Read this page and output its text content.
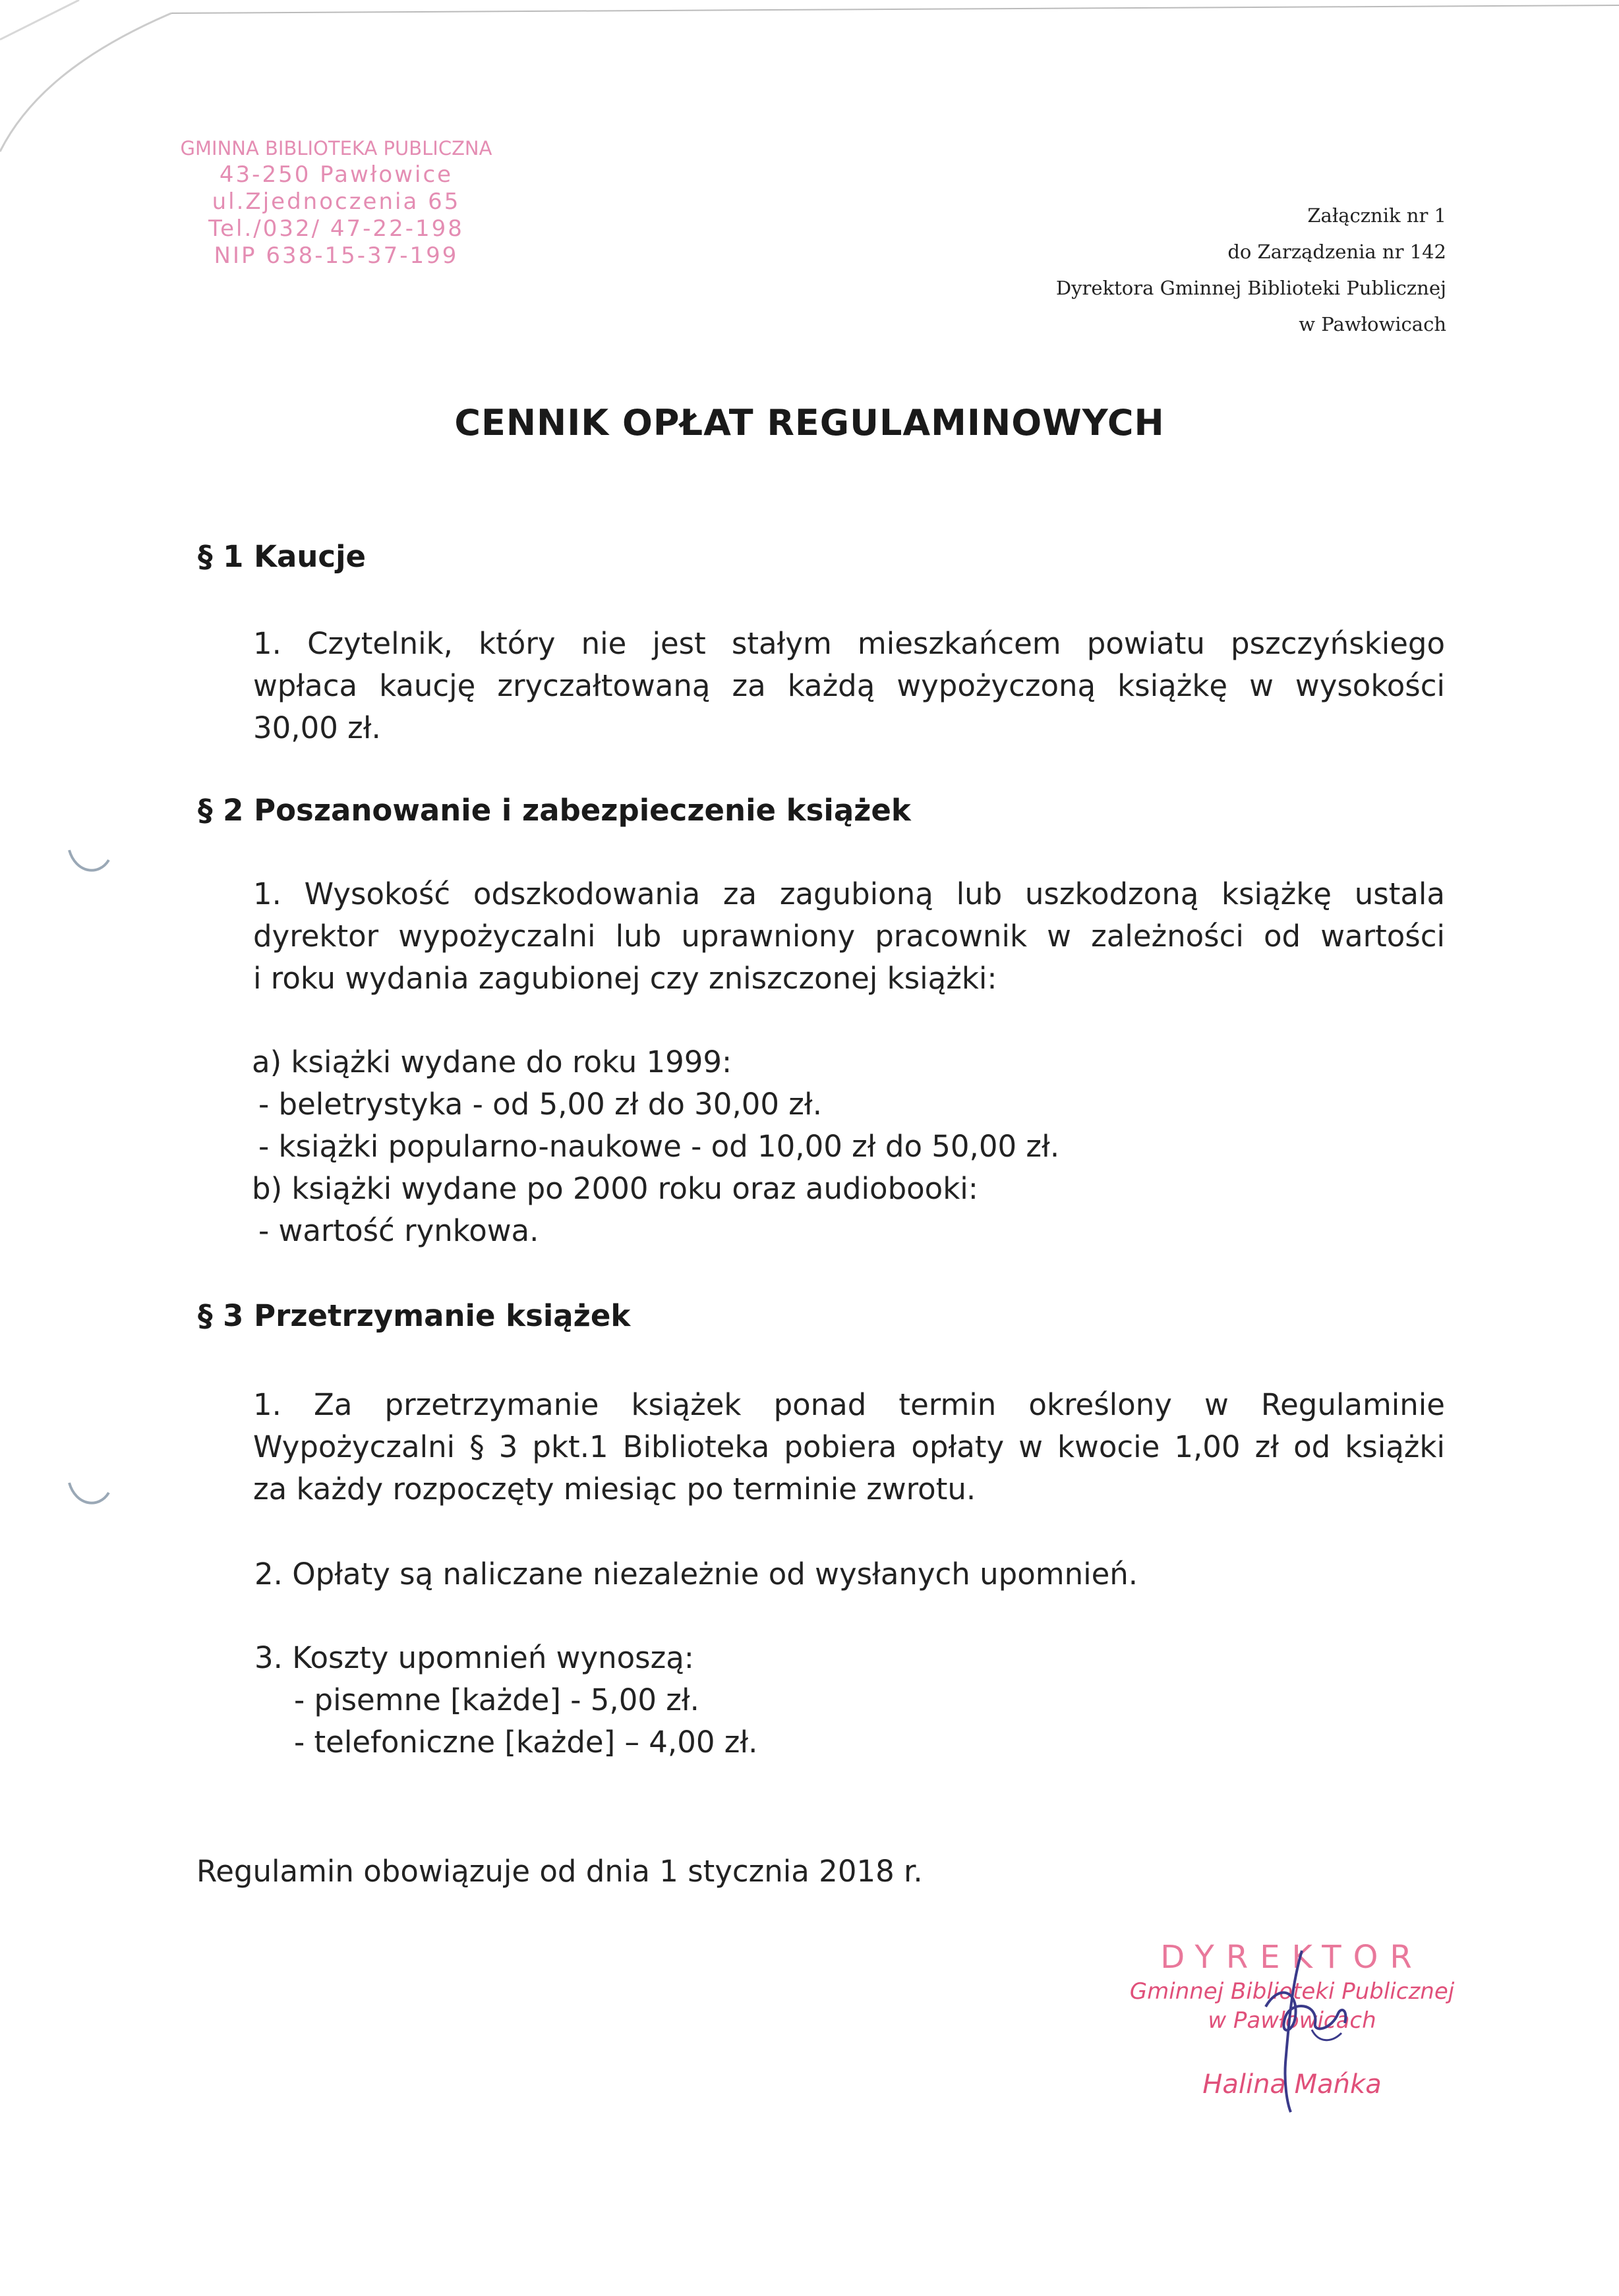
GMINNA BIBLIOTEKA PUBLICZNA
43-250 Pawłowice
ul.Zjednoczenia 65
Tel./032/ 47-22-198
NIP 638-15-37-199
Załącznik nr 1
do Zarządzenia nr 142
Dyrektora Gminnej Biblioteki Publicznej
w Pawłowicach
CENNIK OPŁAT REGULAMINOWYCH
§ 1 Kaucje
1. Czytelnik, który nie jest stałym mieszkańcem powiatu pszczyńskiego
wpłaca kaucję zryczałtowaną za każdą wypożyczoną książkę w wysokości
30,00 zł.
§ 2 Poszanowanie i zabezpieczenie książek
1. Wysokość odszkodowania za zagubioną lub uszkodzoną książkę ustala
dyrektor wypożyczalni lub uprawniony pracownik w zależności od wartości
i roku wydania zagubionej czy zniszczonej książki:
a) książki wydane do roku 1999:
- beletrystyka - od 5,00 zł do 30,00 zł.
- książki popularno-naukowe - od 10,00 zł do 50,00 zł.
b) książki wydane po 2000 roku oraz audiobooki:
- wartość rynkowa.
§ 3 Przetrzymanie książek
1. Za przetrzymanie książek ponad termin określony w Regulaminie
Wypożyczalni § 3 pkt.1 Biblioteka pobiera opłaty w kwocie 1,00 zł od książki
za każdy rozpoczęty miesiąc po terminie zwrotu.
2. Opłaty są naliczane niezależnie od wysłanych upomnień.
3. Koszty upomnień wynoszą:
- pisemne [każde] - 5,00 zł.
- telefoniczne [każde] – 4,00 zł.
Regulamin obowiązuje od dnia 1 stycznia 2018 r.
DYREKTOR
Gminnej Biblioteki Publicznej
w Pawłowicach
Halina Mańka
